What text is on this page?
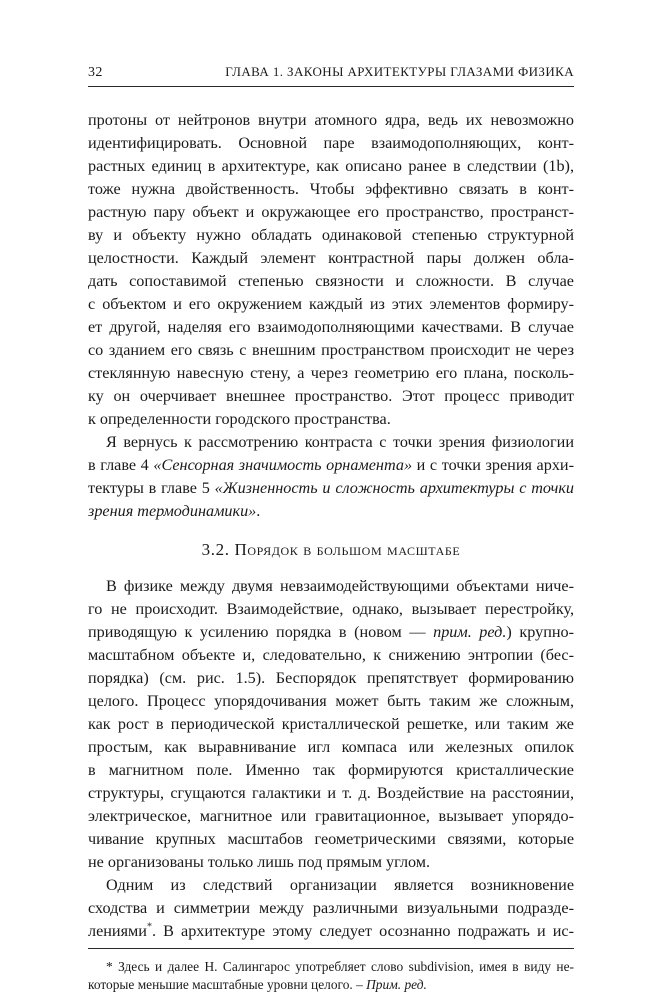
32	ГЛАВА 1. ЗАКОНЫ АРХИТЕКТУРЫ ГЛАЗАМИ ФИЗИКА
протоны от нейтронов внутри атомного ядра, ведь их невозможно
идентифицировать. Основной паре взаимодополняющих, конт-
растных единиц в архитектуре, как описано ранее в следствии (1b),
тоже нужна двойственность. Чтобы эффективно связать в конт-
растную пару объект и окружающее его пространство, пространст-
ву и объекту нужно обладать одинаковой степенью структурной
целостности. Каждый элемент контрастной пары должен обла-
дать сопоставимой степенью связности и сложности. В случае
с объектом и его окружением каждый из этих элементов формиру-
ет другой, наделяя его взаимодополняющими качествами. В случае
со зданием его связь с внешним пространством происходит не через
стеклянную навесную стену, а через геометрию его плана, посколь-
ку он очерчивает внешнее пространство. Этот процесс приводит
к определенности городского пространства.
Я вернусь к рассмотрению контраста с точки зрения физиологии
в главе 4 «Сенсорная значимость орнамента» и с точки зрения архи-
тектуры в главе 5 «Жизненность и сложность архитектуры с точки
зрения термодинамики».
3.2. Порядок в большом масштабе
В физике между двумя невзаимодействующими объектами ниче-
го не происходит. Взаимодействие, однако, вызывает перестройку,
приводящую к усилению порядка в (новом — прим. ред.) крупно-
масштабном объекте и, следовательно, к снижению энтропии (бес-
порядка) (см. рис. 1.5). Беспорядок препятствует формированию
целого. Процесс упорядочивания может быть таким же сложным,
как рост в периодической кристаллической решетке, или таким же
простым, как выравнивание игл компаса или железных опилок
в магнитном поле. Именно так формируются кристаллические
структуры, сгущаются галактики и т. д. Воздействие на расстоянии,
электрическое, магнитное или гравитационное, вызывает упорядо-
чивание крупных масштабов геометрическими связями, которые
не организованы только лишь под прямым углом.
Одним из следствий организации является возникновение
сходства и симметрии между различными визуальными подразде-
лениями*. В архитектуре этому следует осознанно подражать и ис-
* Здесь и далее Н. Салингарос употребляет слово subdivision, имея в виду не-
которые меньшие масштабные уровни целого. – Прим. ред.
